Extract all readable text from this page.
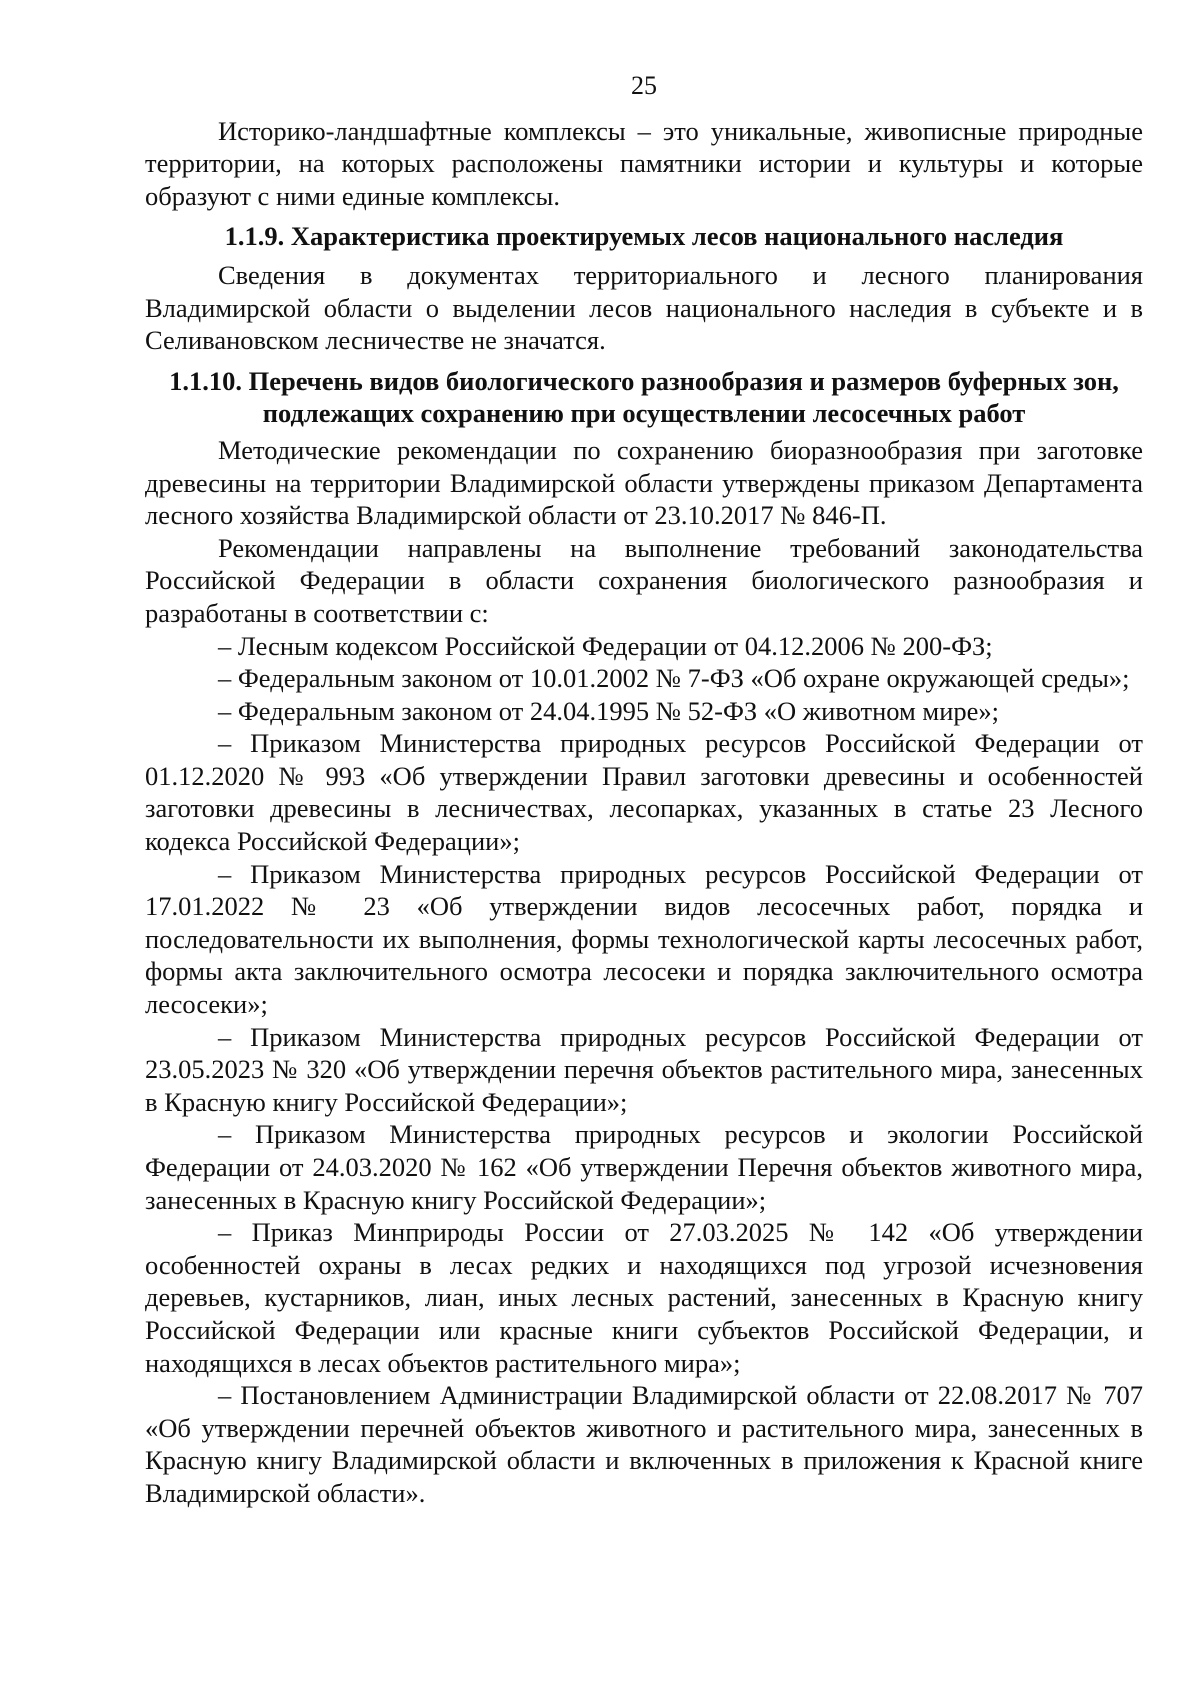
25

Историко-ландшафтные комплексы – это уникальные, живописные природные территории, на которых расположены памятники истории и культуры и которые образуют с ними единые комплексы.

1.1.9. Характеристика проектируемых лесов национального наследия

Сведения в документах территориального и лесного планирования Владимирской области о выделении лесов национального наследия в субъекте и в Селивановском лесничестве не значатся.

1.1.10. Перечень видов биологического разнообразия и размеров буферных зон, подлежащих сохранению при осуществлении лесосечных работ

Методические рекомендации по сохранению биоразнообразия при заготовке древесины на территории Владимирской области утверждены приказом Департамента лесного хозяйства Владимирской области от 23.10.2017 № 846-П.

Рекомендации направлены на выполнение требований законодательства Российской Федерации в области сохранения биологического разнообразия и разработаны в соответствии с:

– Лесным кодексом Российской Федерации от 04.12.2006 № 200-ФЗ;

– Федеральным законом от 10.01.2002 № 7-ФЗ «Об охране окружающей среды»;

– Федеральным законом от 24.04.1995 № 52-ФЗ «О животном мире»;

– Приказом Министерства природных ресурсов Российской Федерации от 01.12.2020 № 993 «Об утверждении Правил заготовки древесины и особенностей заготовки древесины в лесничествах, лесопарках, указанных в статье 23 Лесного кодекса Российской Федерации»;

– Приказом Министерства природных ресурсов Российской Федерации от 17.01.2022 № 23 «Об утверждении видов лесосечных работ, порядка и последовательности их выполнения, формы технологической карты лесосечных работ, формы акта заключительного осмотра лесосеки и порядка заключительного осмотра лесосеки»;

– Приказом Министерства природных ресурсов Российской Федерации от 23.05.2023 № 320 «Об утверждении перечня объектов растительного мира, занесенных в Красную книгу Российской Федерации»;

– Приказом Министерства природных ресурсов и экологии Российской Федерации от 24.03.2020 № 162 «Об утверждении Перечня объектов животного мира, занесенных в Красную книгу Российской Федерации»;

– Приказ Минприроды России от 27.03.2025 № 142 «Об утверждении особенностей охраны в лесах редких и находящихся под угрозой исчезновения деревьев, кустарников, лиан, иных лесных растений, занесенных в Красную книгу Российской Федерации или красные книги субъектов Российской Федерации, и находящихся в лесах объектов растительного мира»;

– Постановлением Администрации Владимирской области от 22.08.2017 № 707 «Об утверждении перечней объектов животного и растительного мира, занесенных в Красную книгу Владимирской области и включенных в приложения к Красной книге Владимирской области».
